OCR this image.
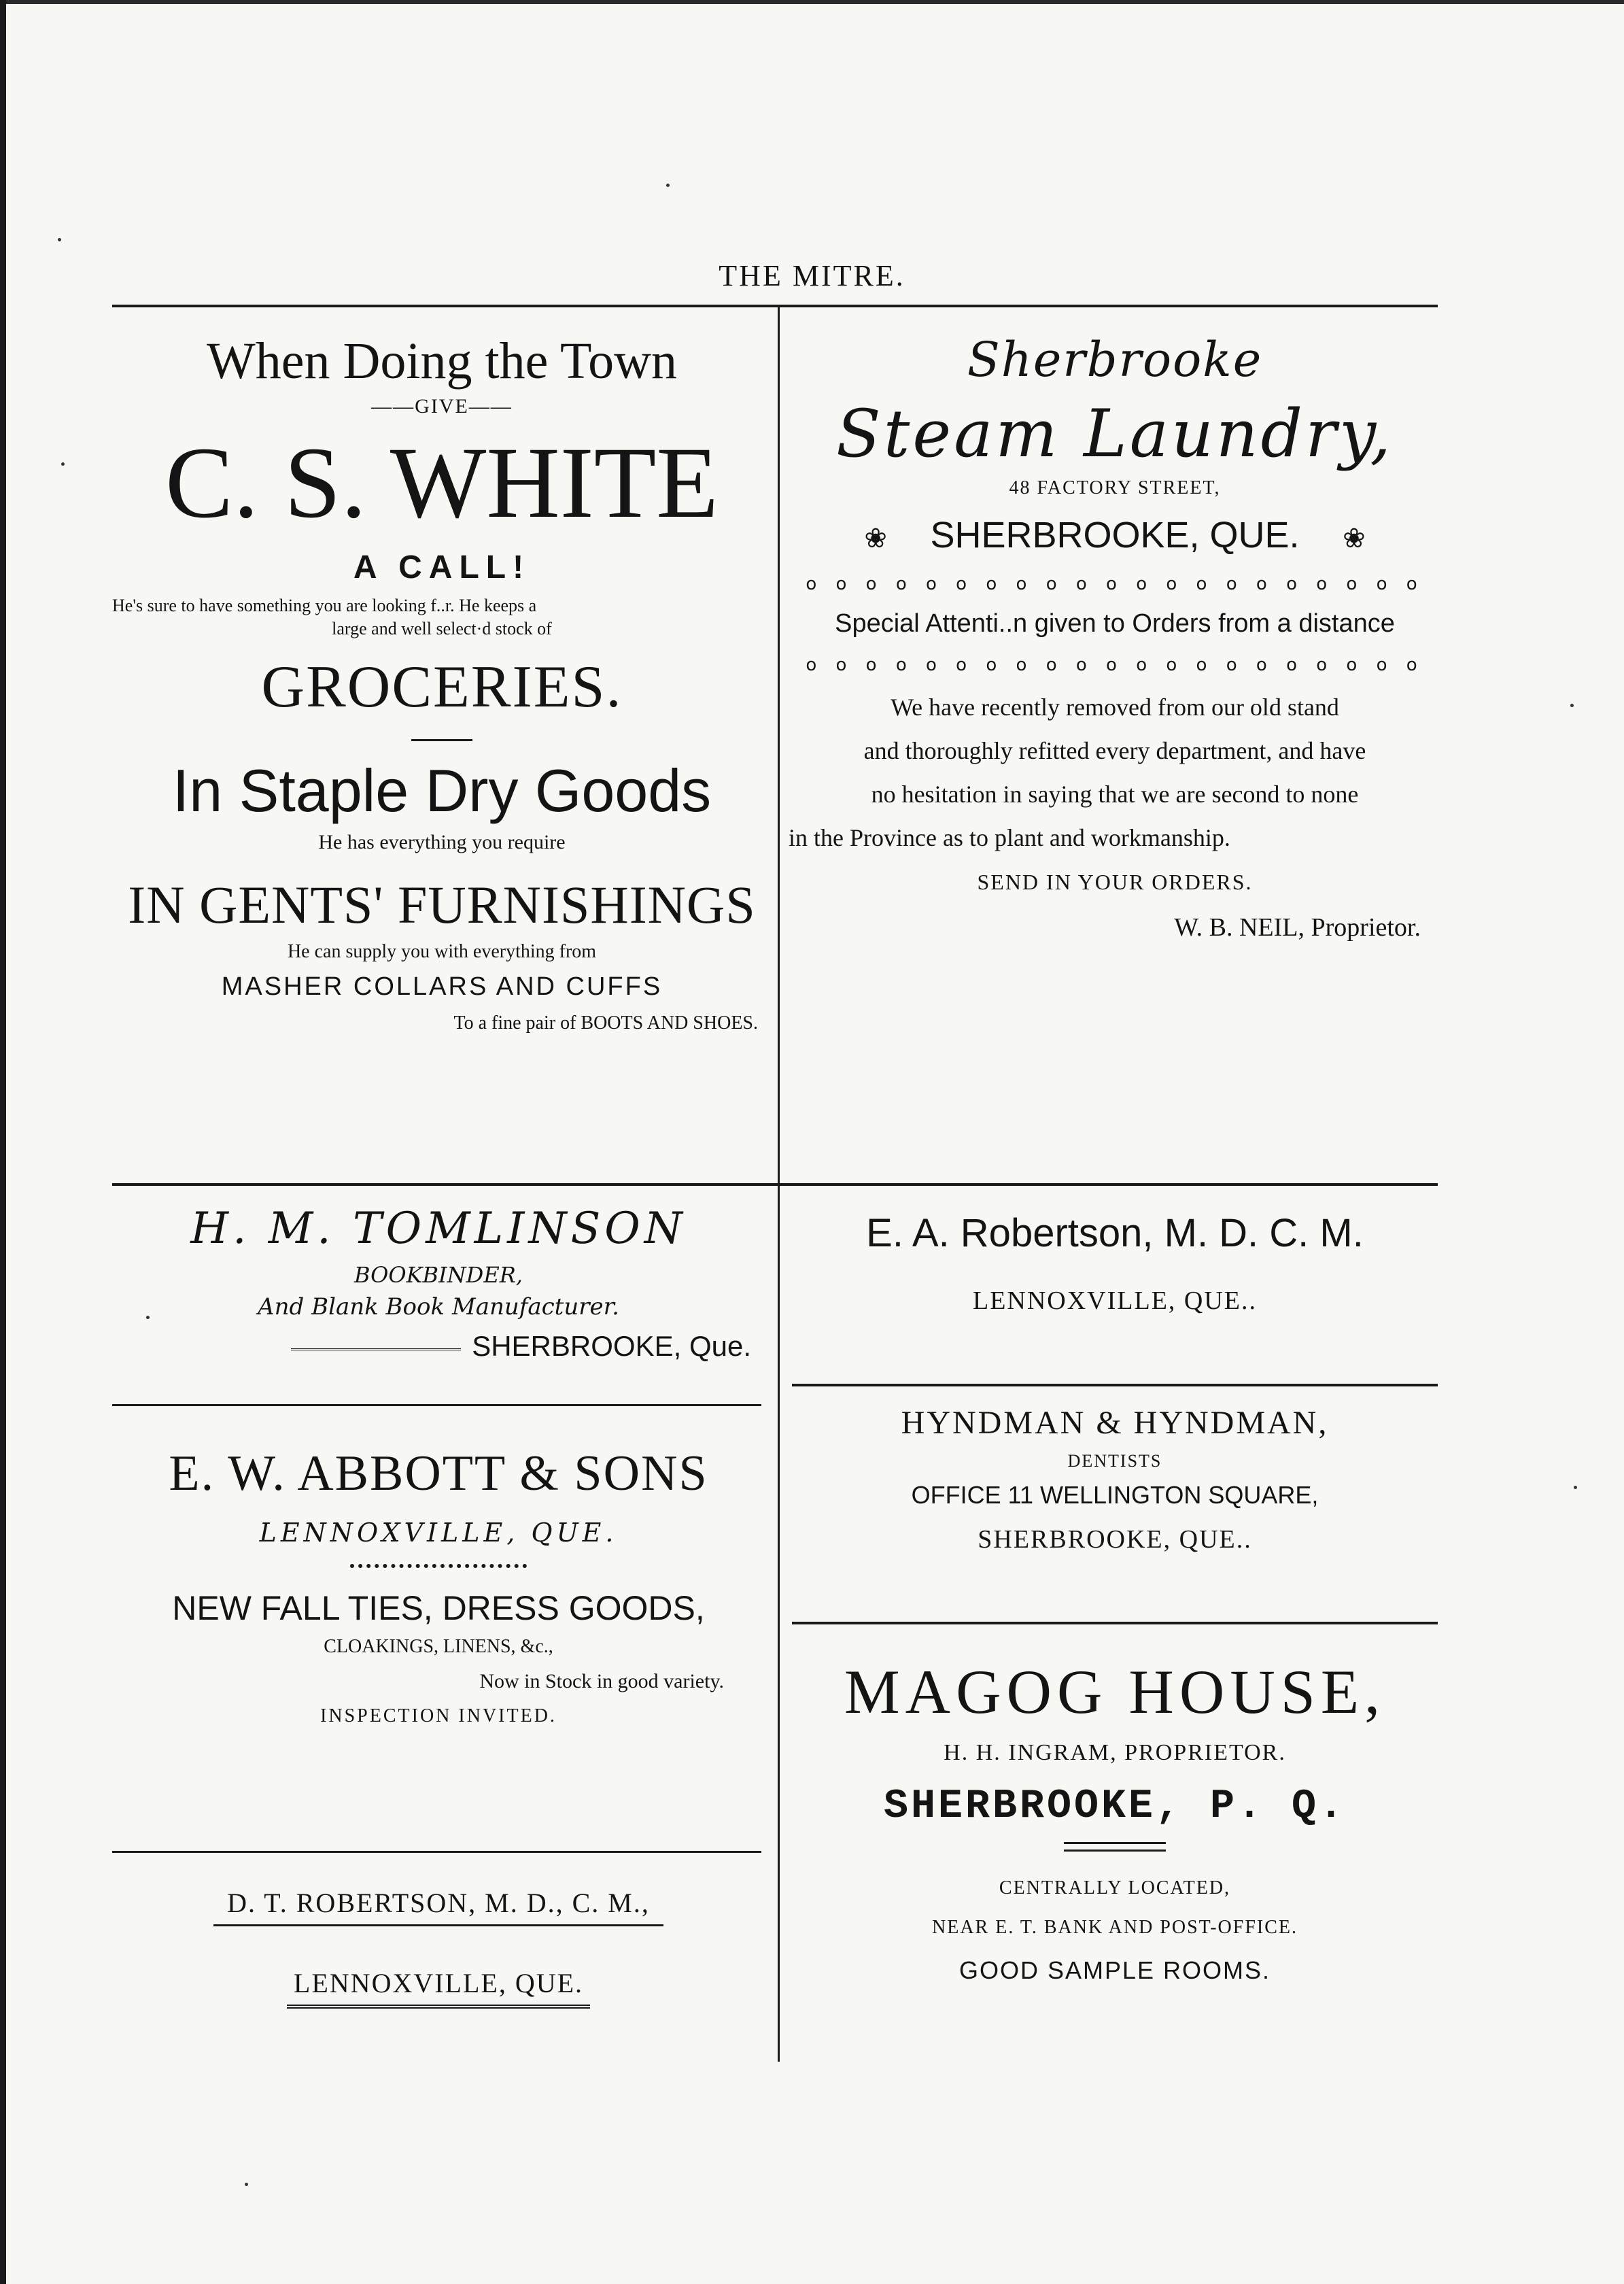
THE MITRE.
When Doing the Town
——GIVE——
C. S. WHITE
A CALL!
He's sure to have something you are looking f..r. He keeps a
large and well select·d stock of
GROCERIES.
In Staple Dry Goods
He has everything you require
IN GENTS' FURNISHINGS
He can supply you with everything from
MASHER COLLARS AND CUFFS
To a fine pair of BOOTS AND SHOES.
Sherbrooke
Steam Laundry,
48 FACTORY STREET,
❀ SHERBROOKE, QUE. ❀
o o o o o o o o o o o o o o o o o o o o o
Special Attenti..n given to Orders from a distance
o o o o o o o o o o o o o o o o o o o o o
We have recently removed from our old stand
and thoroughly refitted every department, and have
no hesitation in saying that we are second to none
in the Province as to plant and workmanship.
SEND IN YOUR ORDERS.
W. B. NEIL, Proprietor.
H. M. TOMLINSON
BOOKBINDER,
And Blank Book Manufacturer.
SHERBROOKE, Que.
E. A. Robertson, M. D. C. M.
LENNOXVILLE, QUE..
E. W. ABBOTT & SONS
LENNOXVILLE, QUE.
NEW FALL TIES, DRESS GOODS,
CLOAKINGS, LINENS, &c.,
Now in Stock in good variety.
INSPECTION INVITED.
HYNDMAN & HYNDMAN,
DENTISTS
OFFICE 11 WELLINGTON SQUARE,
SHERBROOKE, QUE..
D. T. ROBERTSON, M. D., C. M.,
LENNOXVILLE, QUE.
MAGOG HOUSE,
H. H. INGRAM, PROPRIETOR.
SHERBROOKE, P. Q.
CENTRALLY LOCATED,
NEAR E. T. BANK AND POST-OFFICE.
GOOD SAMPLE ROOMS.
